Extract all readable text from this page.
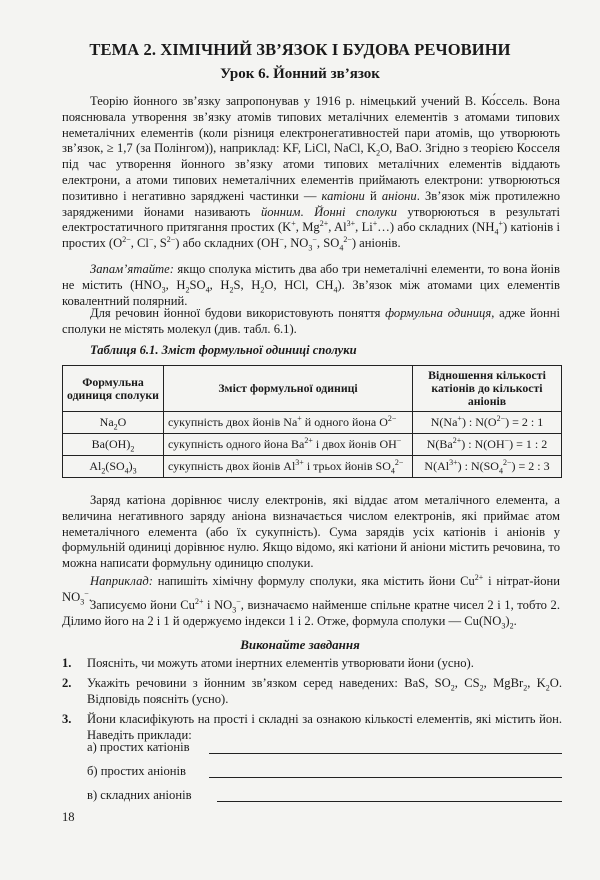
ТЕМА 2. ХІМІЧНИЙ ЗВ’ЯЗОК І БУДОВА РЕЧОВИНИ
Урок 6. Йонний зв’язок
Теорію йонного зв’язку запропонував у 1916 р. німецький учений В. Ко́ссель. Вона пояснювала утворення зв’язку атомів типових металічних елементів з атомами типових неметалічних елементів (коли різниця електронегативностей пари атомів, що утворюють зв’язок, ≥ 1,7 (за Полінгом)), наприклад: KF, LiCl, NaCl, $K_2O$, BaO. Згідно з теорією Косселя під час утворення йонного зв’язку атоми типових металічних елементів віддають електрони, а атоми типових неметалічних елементів приймають електрони: утворюються позитивно і негативно заряджені частинки — катіони й аніони. Зв’язок між протилежно зарядженими йонами називають йонним. Йонні сполуки утворюються в результаті електростатичного притягання простих (K+, $Mg^{2+}$, $Al^{3+}$, Li+…) або складних $(NH_4^+)$ катіонів і простих ($O^{2-}$, Cl−, $S^{2-}$) або складних (OH−, $NO_3^-$, $SO_4^{2-}$) аніонів.
Запам’ятайте: якщо сполука містить два або три неметалічні елементи, то вона йонів не містить ($HNO_3$, $H_2SO_4$, $H_2S$, $H_2O$, HCl, $CH_4$). Зв’язок між атомами цих елементів ковалентний полярний.
Для речовин йонної будови використовують поняття формульна одиниця, адже йонні сполуки не містять молекул (див. табл. 6.1).
Таблиця 6.1. Зміст формульної одиниці сполуки
Формульна одиниця сполуки	Зміст формульної одиниці	Відношення кількості катіонів до кількості аніонів
$Na_2O$	сукупність двох йонів Na+ й одного йона $O^{2-}$	N(Na+) : $N(O^{2-}) = 2$ : 1
$Ba(OH)_2$	сукупність одного йона $Ba^{2+}$ і двох йонів OH−	$N(Ba^{2+})$ : N(OH−) = 1 : 2
$Al_2(SO_4)_3$	сукупність двох йонів $Al^{3+}$ і трьох йонів $SO_4^{2-}$	$N(Al^{3+})$ : $N(SO_4^{2-}) = 2$ : 3
Заряд катіона дорівнює числу електронів, які віддає атом металічного елемента, а величина негативного заряду аніона визначається числом електронів, які приймає атом неметалічного елемента (або їх сукупність). Сума зарядів усіх катіонів і аніонів у формульній одиниці дорівнює нулю. Якщо відомо, які катіони й аніони містить речовина, то можна написати формульну одиницю сполуки.
Наприклад: напишіть хімічну формулу сполуки, яка містить йони $Cu^{2+}$ і нітрат-йони $NO_3^-$.
Записуємо йони $Cu^{2+}$ і $NO_3^-$, визначаємо найменше спільне кратне чисел 2 і 1, тобто 2. Ділимо його на 2 і 1 й одержуємо індекси 1 і 2. Отже, формула сполуки — $Cu(NO_3)_2$.
Виконайте завдання
1. Поясніть, чи можуть атоми інертних елементів утворювати йони (усно).
2. Укажіть речовини з йонним зв’язком серед наведених: BaS, $SO_2$, $CS_2$, MgBr$_2$, $K_2O$. Відповідь поясніть (усно).
3. Йони класифікують на прості і складні за ознакою кількості елементів, які містить йон. Наведіть приклади:
а) простих катіонів
б) простих аніонів
в) складних аніонів
18
